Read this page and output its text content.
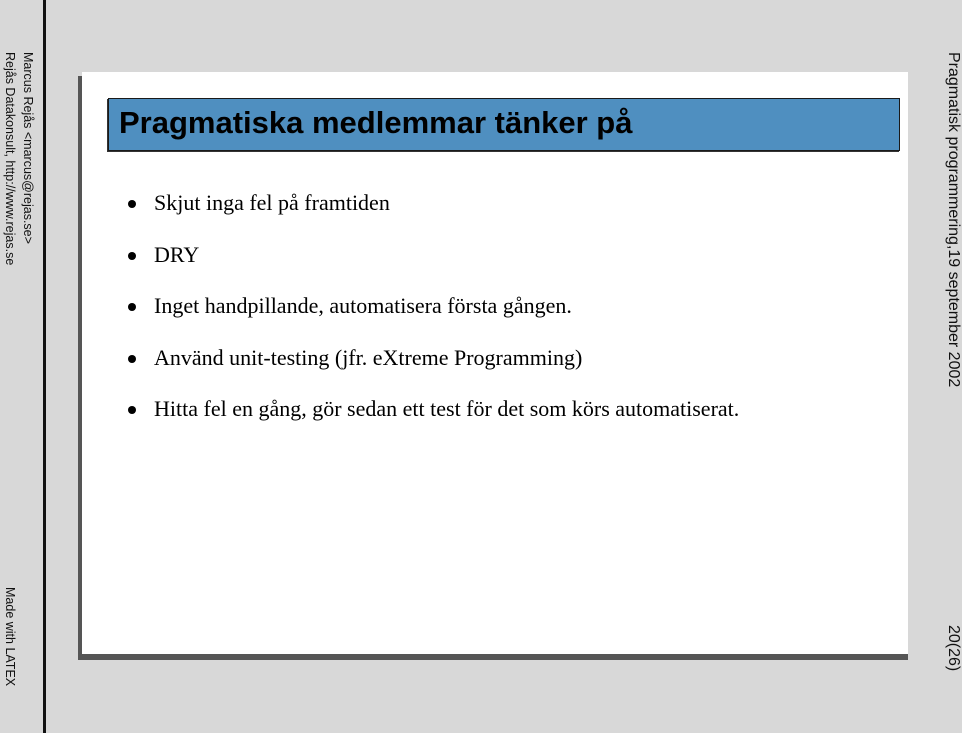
Marcus Rejås <marcus@rejas.se>
Rejås Datakonsult, http://www.rejas.se
Made with LATEX
Pragmatisk programmering,19 september 2002
20(26)
Pragmatiska medlemmar tänker på
Skjut inga fel på framtiden
DRY
Inget handpillande, automatisera första gången.
Använd unit-testing (jfr. eXtreme Programming)
Hitta fel en gång, gör sedan ett test för det som körs automatiserat.
